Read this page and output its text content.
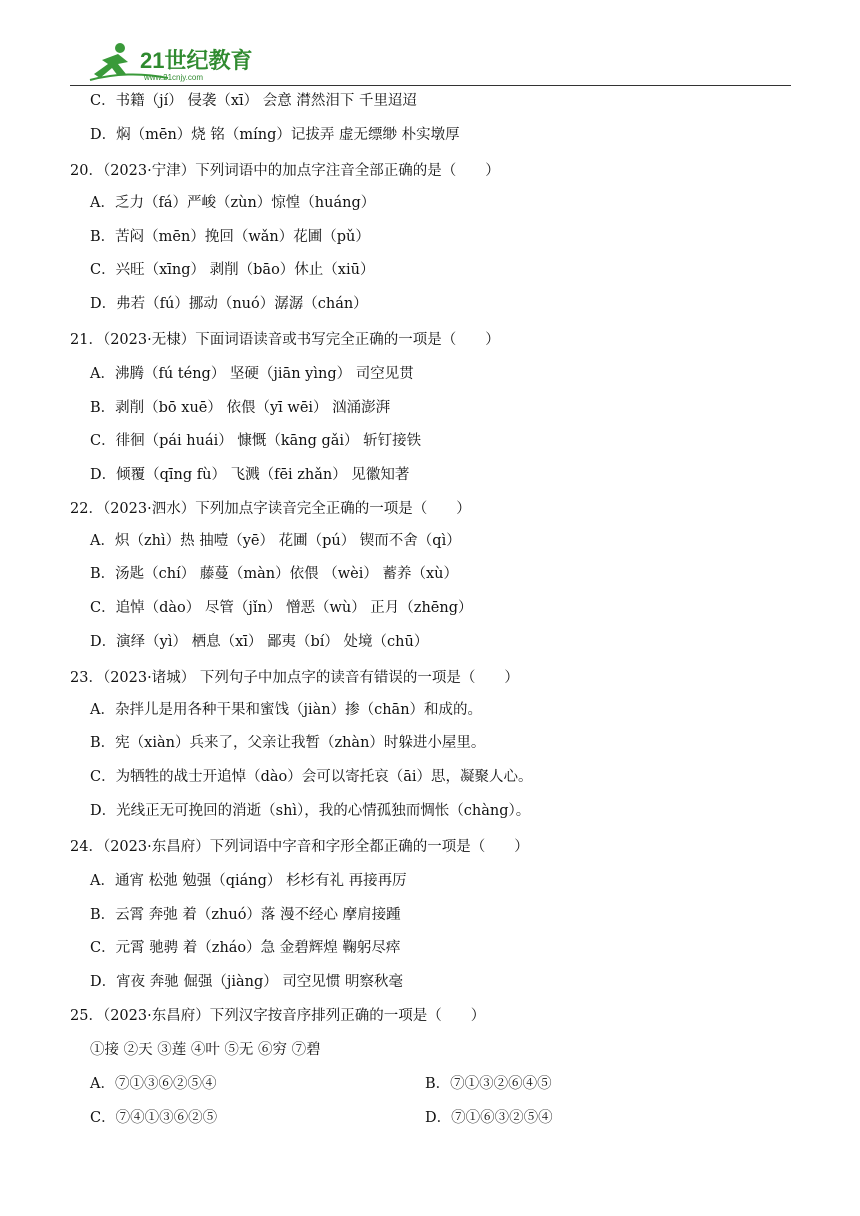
21世纪教育
www.21cnjy.com
C．书籍（jí） 侵袭（xī） 会意 潸然泪下 千里迢迢
D．焖（mēn）烧 铭（míng）记拔弄 虚无缥缈 朴实墩厚
20．（2023·宁津）下列词语中的加点字注音全部正确的是（　　）
A．乏力（fá）严峻（zùn）惊惶（huáng）
B．苦闷（mēn）挽回（wǎn）花圃（pǔ）
C．兴旺（xīng） 剥削（bāo）休止（xiū）
D．弗若（fú）挪动（nuó）潺潺（chán）
21．（2023·无棣）下面词语读音或书写完全正确的一项是（　　）
A．沸腾（fú téng） 坚硬（jiān yìng） 司空见贯
B．剥削（bō xuē） 依偎（yī wēi） 汹涌澎湃
C．徘徊（pái huái） 慷慨（kāng gǎi） 斩钉接铁
D．倾覆（qīng fù） 飞溅（fēi zhǎn） 见徽知著
22．（2023·泗水）下列加点字读音完全正确的一项是（　　）
A．炽（zhì）热 抽噎（yē） 花圃（pú） 锲而不舍（qì）
B．汤匙（chí） 藤蔓（màn）依偎 （wèi） 蓄养（xù）
C．追悼（dào） 尽管（jǐn） 憎恶（wù） 正月（zhēng）
D．演绎（yì） 栖息（xī） 鄙夷（bí） 处境（chū）
23．（2023·诸城） 下列句子中加点字的读音有错误的一项是（　　）
A．杂拌儿是用各种干果和蜜饯（jiàn）掺（chān）和成的。
B．宪（xiàn）兵来了，父亲让我暂（zhàn）时躲进小屋里。
C．为牺牲的战士开追悼（dào）会可以寄托哀（āi）思，凝聚人心。
D．光线正无可挽回的消逝（shì），我的心情孤独而惆怅（chàng）。
24．（2023·东昌府）下列词语中字音和字形全都正确的一项是（　　）
A．通宵 松弛 勉强（qiáng） 杉杉有礼 再接再厉
B．云霄 奔弛 着（zhuó）落 漫不经心 摩肩接踵
C．元霄 驰骋 着（zháo）急 金碧辉煌 鞠躬尽瘁
D．宵夜 奔驰 倔强（jiàng） 司空见惯 明察秋毫
25．（2023·东昌府）下列汉字按音序排列正确的一项是（　　）
①接 ②天 ③莲 ④叶 ⑤无 ⑥穷 ⑦碧
A．⑦①③⑥②⑤④	B．⑦①③②⑥④⑤
C．⑦④①③⑥②⑤	D．⑦①⑥③②⑤④
